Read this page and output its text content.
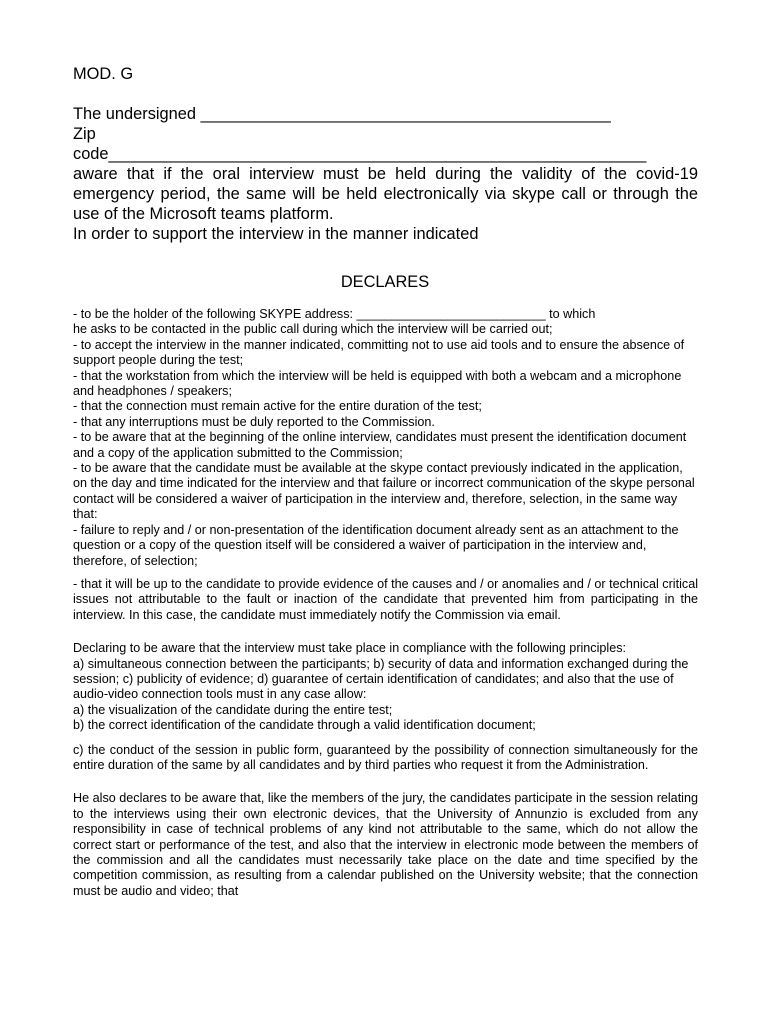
MOD. G

The undersigned _____________________________________________

Zip

code___________________________________________________________

aware that if the oral interview must be held during the validity of the covid-19 emergency period, the same will be held electronically via skype call or through the use of the Microsoft teams platform.

In order to support the interview in the manner indicated

DECLARES

- to be the holder of the following SKYPE address: ___________________________ to which

he asks to be contacted in the public call during which the interview will be carried out;

- to accept the interview in the manner indicated, committing not to use aid tools and to ensure the absence of support people during the test;

- that the workstation from which the interview will be held is equipped with both a webcam and a microphone and headphones / speakers;

- that the connection must remain active for the entire duration of the test;

- that any interruptions must be duly reported to the Commission.

- to be aware that at the beginning of the online interview, candidates must present the identification document and a copy of the application submitted to the Commission;

- to be aware that the candidate must be available at the skype contact previously indicated in the application, on the day and time indicated for the interview and that failure or incorrect communication of the skype personal contact will be considered a waiver of participation in the interview and, therefore, selection, in the same way that:

- failure to reply and / or non-presentation of the identification document already sent as an attachment to the question or a copy of the question itself will be considered a waiver of participation in the interview and, therefore, of selection;

- that it will be up to the candidate to provide evidence of the causes and / or anomalies and / or technical critical issues not attributable to the fault or inaction of the candidate that prevented him from participating in the interview. In this case, the candidate must immediately notify the Commission via email.

Declaring to be aware that the interview must take place in compliance with the following principles:

a) simultaneous connection between the participants; b) security of data and information exchanged during the session; c) publicity of evidence; d) guarantee of certain identification of candidates; and also that the use of audio-video connection tools must in any case allow:

a) the visualization of the candidate during the entire test;

b) the correct identification of the candidate through a valid identification document;

c) the conduct of the session in public form, guaranteed by the possibility of connection simultaneously for the entire duration of the same by all candidates and by third parties who request it from the Administration.

He also declares to be aware that, like the members of the jury, the candidates participate in the session relating to the interviews using their own electronic devices, that the University of Annunzio is excluded from any responsibility in case of technical problems of any kind not attributable to the same, which do not allow the correct start or performance of the test, and also that the interview in electronic mode between the members of the commission and all the candidates must necessarily take place on the date and time specified by the competition commission, as resulting from a calendar published on the University website; that the connection must be audio and video; that
